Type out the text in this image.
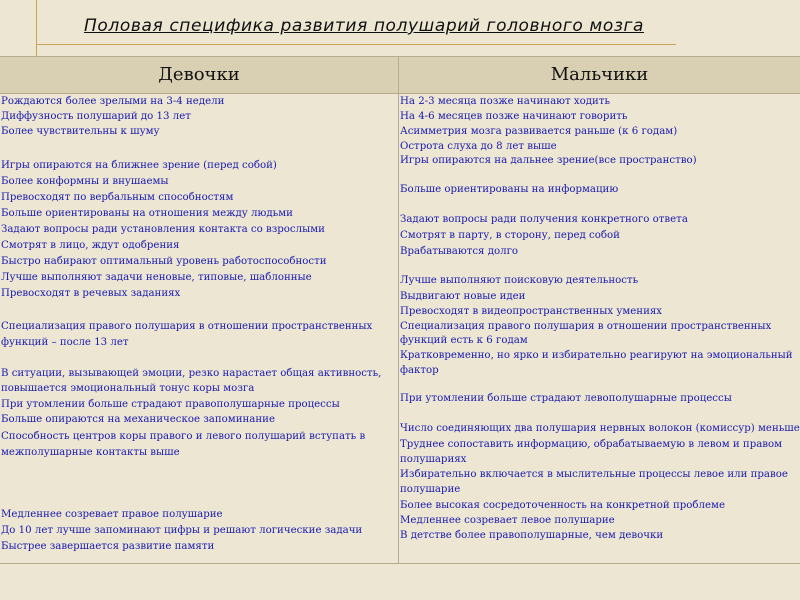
Половая специфика развития полушарий головного мозга
Девочки	Мальчики
Рождаются более зрелыми на 3-4 недели
Диффузность полушарий до 13 лет
Более чувствительны к шуму
Игры опираются на ближнее зрение (перед собой)
Более конформны и внушаемы
Превосходят по вербальным способностям
Больше ориентированы на отношения между людьми
Задают вопросы ради установления контакта со взрослыми
Смотрят в лицо, ждут одобрения
Быстро набирают оптимальный уровень работоспособности
Лучше выполняют задачи неновые, типовые, шаблонные
Превосходят в речевых заданиях
Специализация правого полушария в отношении пространственных
функций – после 13 лет
В ситуации, вызывающей эмоции, резко нарастает общая активность,
повышается эмоциональный тонус коры мозга
При утомлении больше страдают правополушарные процессы
Больше опираются на механическое запоминание
Способность центров коры правого и левого полушарий вступать в
межполушарные контакты выше
Медленнее созревает правое полушарие
До 10 лет лучше запоминают цифры и решают логические задачи
Быстрее завершается развитие памяти
На 2-3 месяца позже начинают ходить
На 4-6 месяцев позже начинают говорить
Асимметрия мозга развивается раньше (к 6 годам)
Острота слуха до 8 лет выше
Игры опираются на дальнее зрение(все пространство)
Больше ориентированы на информацию
Задают вопросы ради получения конкретного ответа
Смотрят в парту, в сторону, перед собой
Врабатываются долго
Лучше выполняют поисковую деятельность
Выдвигают новые идеи
Превосходят в видеопространственных умениях
Специализация правого полушария в отношении пространственных
функций есть к 6 годам
Кратковременно, но ярко и избирательно реагируют на эмоциональный
фактор
При утомлении больше страдают левополушарные процессы
Число соединяющих два полушария нервных волокон (комиссур) меньше
Труднее сопоставить информацию, обрабатываемую в левом и правом
полушариях
Избирательно включается в мыслительные процессы левое или правое
полушарие
Более высокая сосредоточенность на конкретной проблеме
Медленнее созревает левое полушарие
В детстве более правополушарные, чем девочки
